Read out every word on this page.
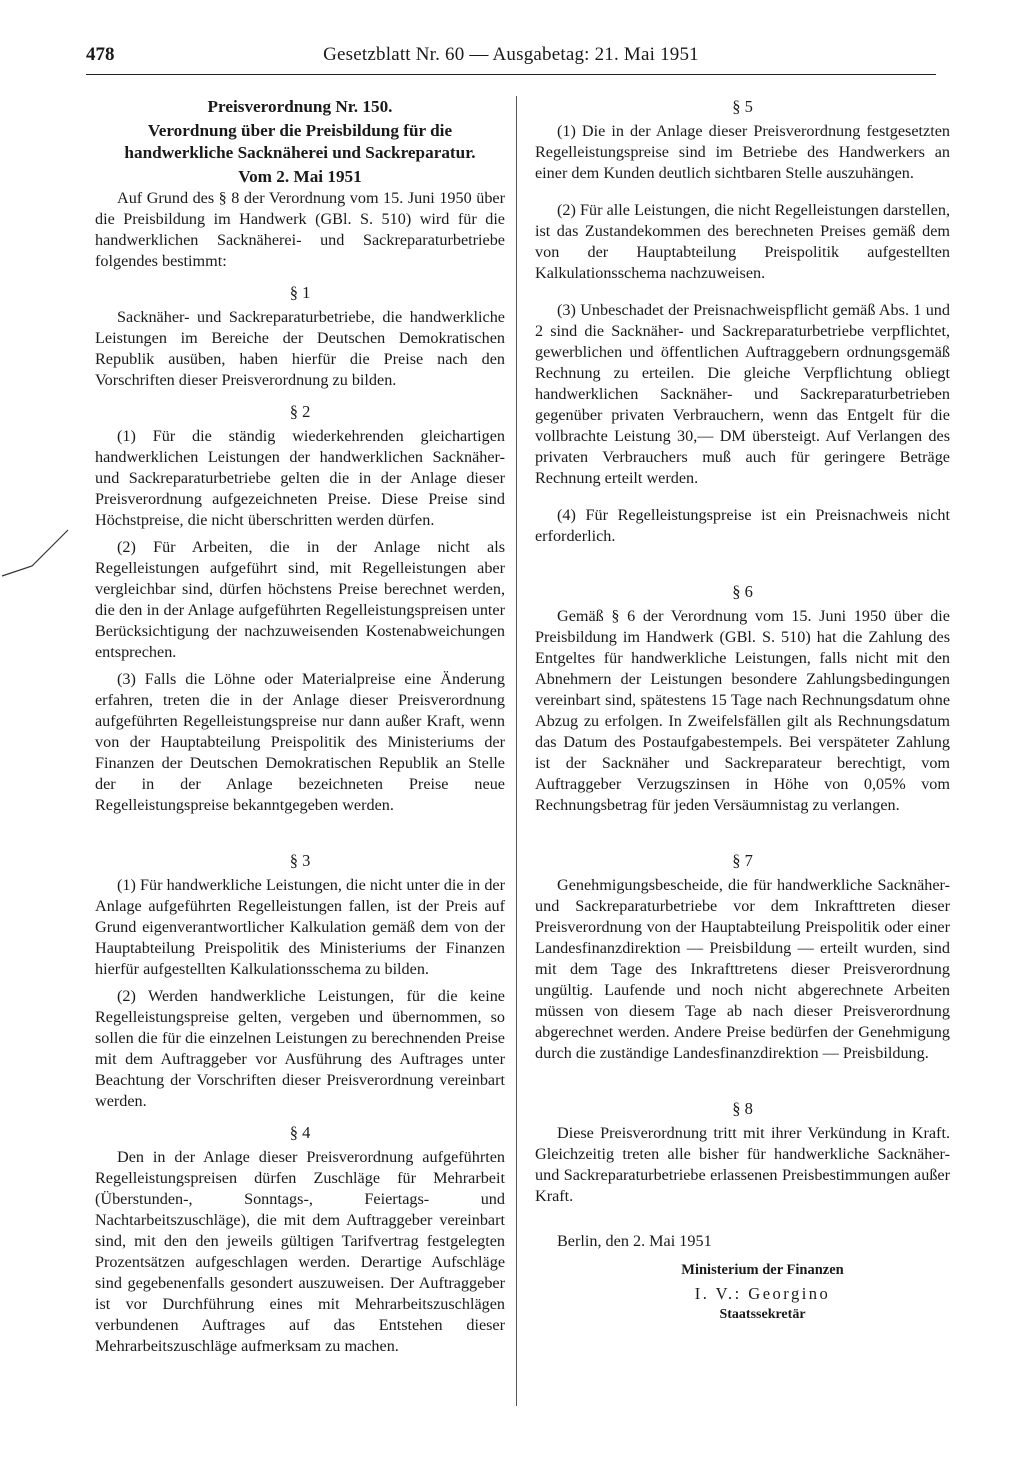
478	Gesetzblatt Nr. 60 — Ausgabetag: 21. Mai 1951

Preisverordnung Nr. 150.

Verordnung über die Preisbildung für die handwerkliche Sacknäherei und Sackreparatur.

Vom 2. Mai 1951

Auf Grund des § 8 der Verordnung vom 15. Juni 1950 über die Preisbildung im Handwerk (GBl. S. 510) wird für die handwerklichen Sacknäherei- und Sackreparaturbetriebe folgendes bestimmt:

§ 1

Sacknäher- und Sackreparaturbetriebe, die handwerkliche Leistungen im Bereiche der Deutschen Demokratischen Republik ausüben, haben hierfür die Preise nach den Vorschriften dieser Preisverordnung zu bilden.

§ 2

(1) Für die ständig wiederkehrenden gleichartigen handwerklichen Leistungen der handwerklichen Sacknäher- und Sackreparaturbetriebe gelten die in der Anlage dieser Preisverordnung aufgezeichneten Preise. Diese Preise sind Höchstpreise, die nicht überschritten werden dürfen.

(2) Für Arbeiten, die in der Anlage nicht als Regelleistungen aufgeführt sind, mit Regelleistungen aber vergleichbar sind, dürfen höchstens Preise berechnet werden, die den in der Anlage aufgeführten Regelleistungspreisen unter Berücksichtigung der nachzuweisenden Kostenabweichungen entsprechen.

(3) Falls die Löhne oder Materialpreise eine Änderung erfahren, treten die in der Anlage dieser Preisverordnung aufgeführten Regelleistungspreise nur dann außer Kraft, wenn von der Hauptabteilung Preispolitik des Ministeriums der Finanzen der Deutschen Demokratischen Republik an Stelle der in der Anlage bezeichneten Preise neue Regelleistungspreise bekanntgegeben werden.

§ 3

(1) Für handwerkliche Leistungen, die nicht unter die in der Anlage aufgeführten Regelleistungen fallen, ist der Preis auf Grund eigenverantwortlicher Kalkulation gemäß dem von der Hauptabteilung Preispolitik des Ministeriums der Finanzen hierfür aufgestellten Kalkulationsschema zu bilden.

(2) Werden handwerkliche Leistungen, für die keine Regelleistungspreise gelten, vergeben und übernommen, so sollen die für die einzelnen Leistungen zu berechnenden Preise mit dem Auftraggeber vor Ausführung des Auftrages unter Beachtung der Vorschriften dieser Preisverordnung vereinbart werden.

§ 4

Den in der Anlage dieser Preisverordnung aufgeführten Regelleistungspreisen dürfen Zuschläge für Mehrarbeit (Überstunden-, Sonntags-, Feiertags- und Nachtarbeitszuschläge), die mit dem Auftraggeber vereinbart sind, mit den den jeweils gültigen Tarifvertrag festgelegten Prozentsätzen aufgeschlagen werden. Derartige Aufschläge sind gegebenenfalls gesondert auszuweisen. Der Auftraggeber ist vor Durchführung eines mit Mehrarbeitszuschlägen verbundenen Auftrages auf das Entstehen dieser Mehrarbeitszuschläge aufmerksam zu machen.

§ 5

(1) Die in der Anlage dieser Preisverordnung festgesetzten Regelleistungspreise sind im Betriebe des Handwerkers an einer dem Kunden deutlich sichtbaren Stelle auszuhängen.

(2) Für alle Leistungen, die nicht Regelleistungen darstellen, ist das Zustandekommen des berechneten Preises gemäß dem von der Hauptabteilung Preispolitik aufgestellten Kalkulationsschema nachzuweisen.

(3) Unbeschadet der Preisnachweispflicht gemäß Abs. 1 und 2 sind die Sacknäher- und Sackreparaturbetriebe verpflichtet, gewerblichen und öffentlichen Auftraggebern ordnungsgemäß Rechnung zu erteilen. Die gleiche Verpflichtung obliegt handwerklichen Sacknäher- und Sackreparaturbetrieben gegenüber privaten Verbrauchern, wenn das Entgelt für die vollbrachte Leistung 30,— DM übersteigt. Auf Verlangen des privaten Verbrauchers muß auch für geringere Beträge Rechnung erteilt werden.

(4) Für Regelleistungspreise ist ein Preisnachweis nicht erforderlich.

§ 6

Gemäß § 6 der Verordnung vom 15. Juni 1950 über die Preisbildung im Handwerk (GBl. S. 510) hat die Zahlung des Entgeltes für handwerkliche Leistungen, falls nicht mit den Abnehmern der Leistungen besondere Zahlungsbedingungen vereinbart sind, spätestens 15 Tage nach Rechnungsdatum ohne Abzug zu erfolgen. In Zweifelsfällen gilt als Rechnungsdatum das Datum des Postaufgabestempels. Bei verspäteter Zahlung ist der Sacknäher und Sackreparateur berechtigt, vom Auftraggeber Verzugszinsen in Höhe von 0,05% vom Rechnungsbetrag für jeden Versäumnistag zu verlangen.

§ 7

Genehmigungsbescheide, die für handwerkliche Sacknäher- und Sackreparaturbetriebe vor dem Inkrafttreten dieser Preisverordnung von der Hauptabteilung Preispolitik oder einer Landesfinanzdirektion — Preisbildung — erteilt wurden, sind mit dem Tage des Inkrafttretens dieser Preisverordnung ungültig. Laufende und noch nicht abgerechnete Arbeiten müssen von diesem Tage ab nach dieser Preisverordnung abgerechnet werden. Andere Preise bedürfen der Genehmigung durch die zuständige Landesfinanzdirektion — Preisbildung.

§ 8

Diese Preisverordnung tritt mit ihrer Verkündung in Kraft. Gleichzeitig treten alle bisher für handwerkliche Sacknäher- und Sackreparaturbetriebe erlassenen Preisbestimmungen außer Kraft.

Berlin, den 2. Mai 1951

Ministerium der Finanzen

I. V.: Georgino

Staatssekretär
